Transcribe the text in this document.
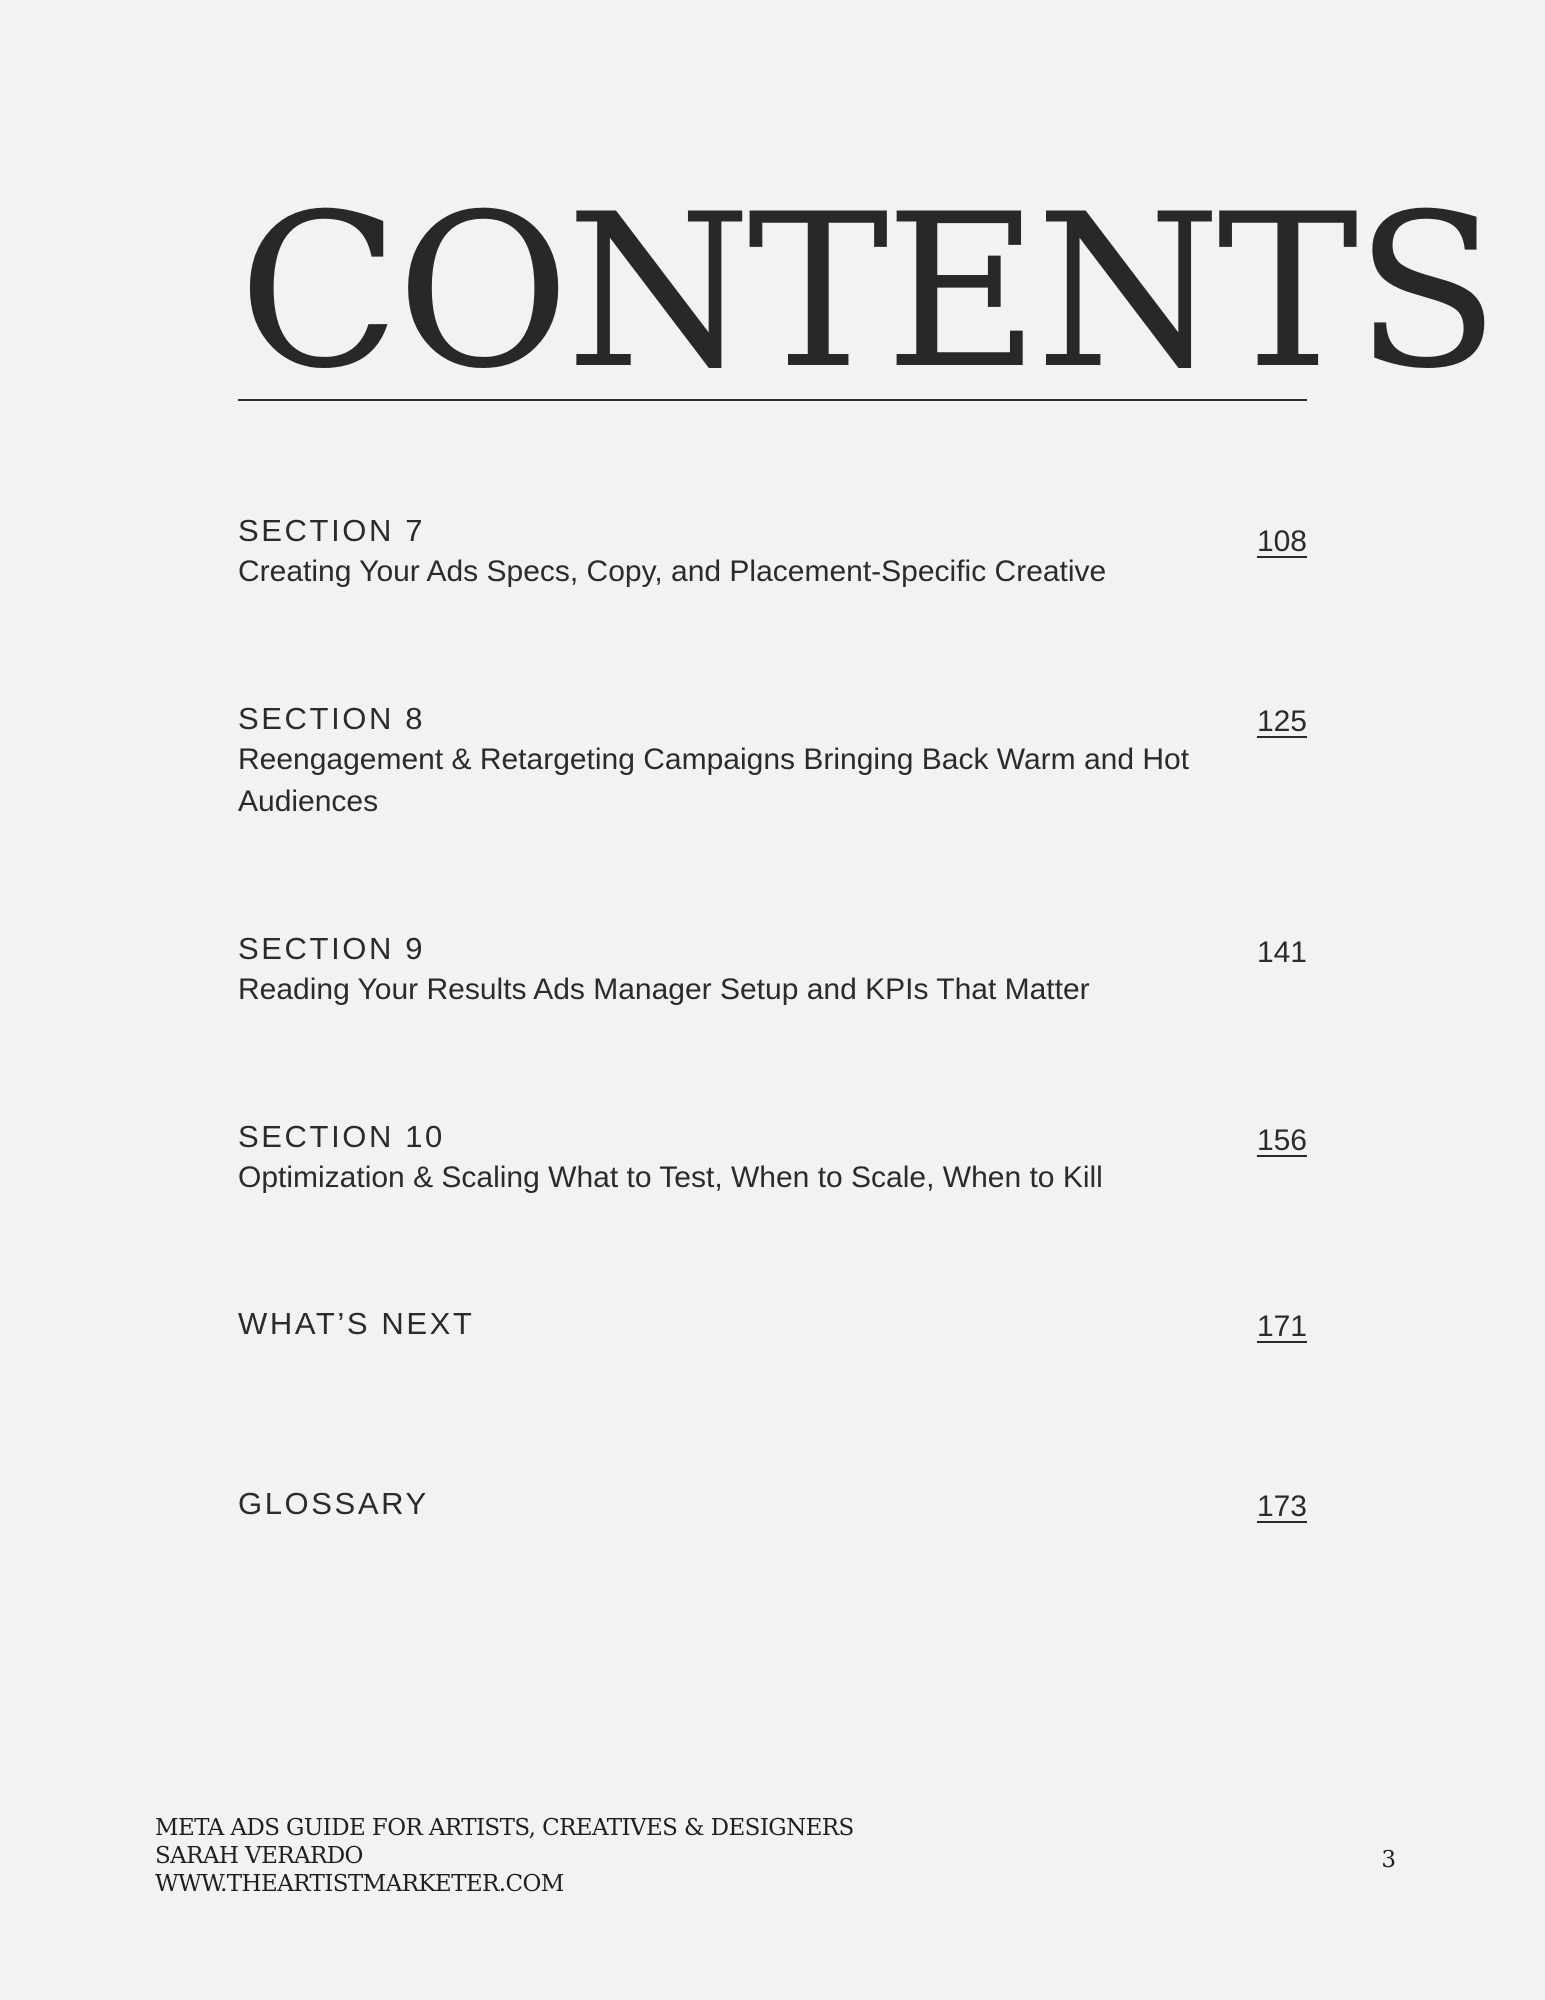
CONTENTS
SECTION 7
Creating Your Ads Specs, Copy, and Placement-Specific Creative
108
SECTION 8
Reengagement & Retargeting Campaigns Bringing Back Warm and Hot Audiences
125
SECTION 9
Reading Your Results Ads Manager Setup and KPIs That Matter
141
SECTION 10
Optimization & Scaling What to Test, When to Scale, When to Kill
156
WHAT’S NEXT	171
GLOSSARY	173
META ADS GUIDE FOR ARTISTS, CREATIVES & DESIGNERS
SARAH VERARDO
WWW.THEARTISTMARKETER.COM
3
